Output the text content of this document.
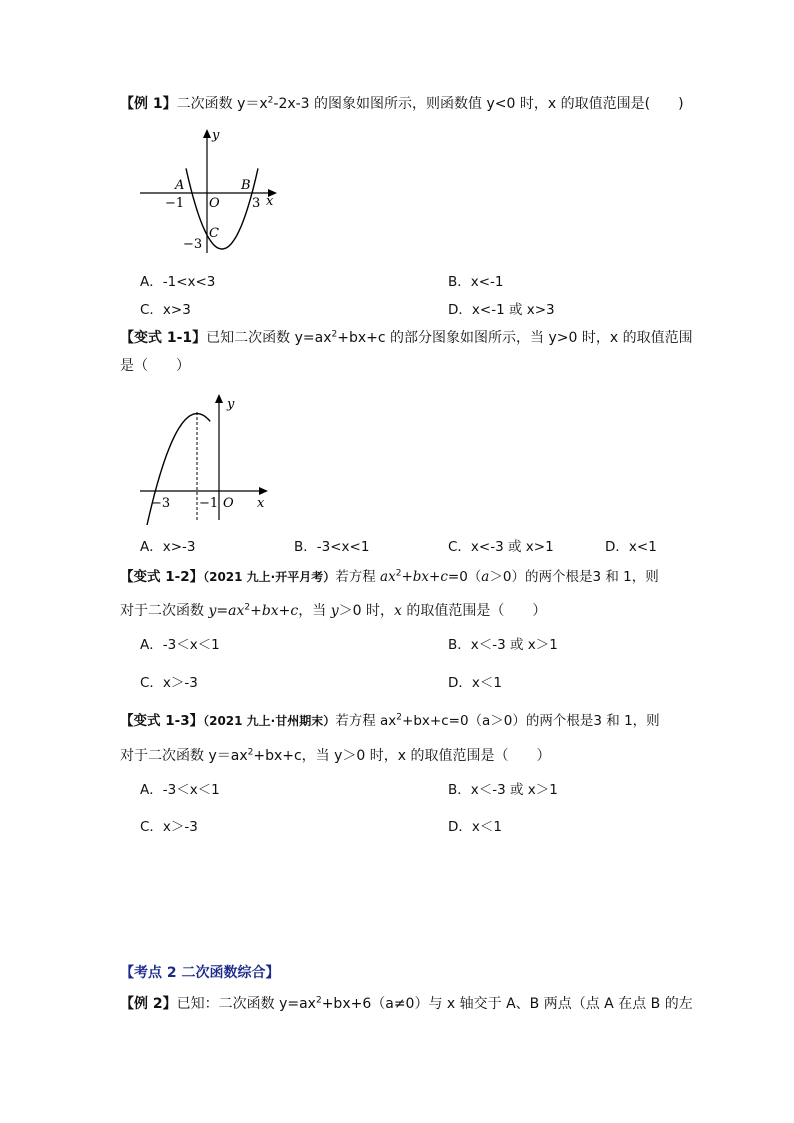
【例 1】二次函数 $y=x^2-2x-3$ 的图象如图所示，则函数值 y<0 时，x 的取值范围是(　　)
y
x
A	B
O
C
−1	3
−3
A．-1<x<3	B．x<-1
C．x>3	D．x<-1 或 x>3
【变式 1-1】已知二次函数 $y=ax^2+bx+c$ 的部分图象如图所示，当 y>0 时，x 的取值范围
是（　　）
y
x
O
−3 −1
A．x>-3	B．-3<x<1	C．x<-3 或 x>1	D．x<1
【变式 1-2】（2021 九上·开平月考）若方程 $ax^2+bx+c=0(a>0)$的两个根是3 和 1，则
对于二次函数 $y=ax^2+bx+c$，当 y＞0 时，x 的取值范围是（　　）
A．-3＜x＜1	B．x＜-3 或 x＞1
C．x＞-3	D．x＜1
【变式 1-3】（2021 九上·甘州期末）若方程 $ax^2+bx+c=0(a>0)$的两个根是3 和 1，则
对于二次函数 $y=ax^2+bx+c$，当 y＞0 时，x 的取值范围是（　　）
A．-3＜x＜1	B．x＜-3 或 x＞1
C．x＞-3	D．x＜1
【考点 2 二次函数综合】
【例 2】已知：二次函数 $y=ax^2+bx+6(a\ne 0)$与 x 轴交于 A、B 两点（点 A 在点 B 的左
